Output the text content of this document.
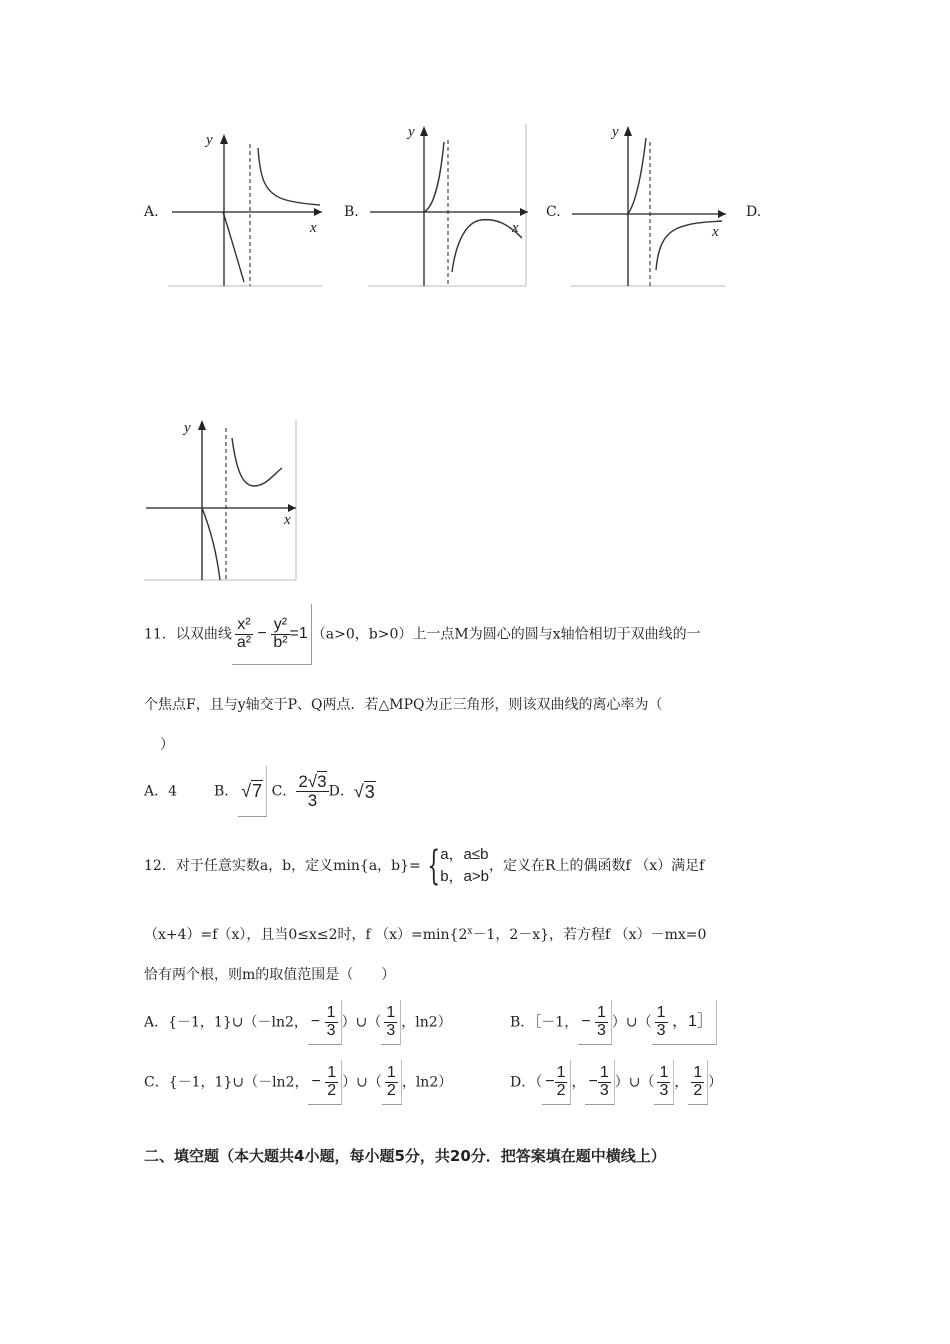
A.	B.	C.	D.
y
x
y
x
y
x
y
x
11．以双曲线 $\frac{\text{x²}}{\text{a²}} - \frac{\text{y²}}{\text{b²}} =1$ （a>0，b>0）上一点M为圆心的圆与x轴恰相切于双曲线的一
个焦点F，且与y轴交于P、Q两点．若△MPQ为正三角形，则该双曲线的离心率为（
）
A．4	B． √7 C． $\frac{2√3}{3}$ D．√3
12．对于任意实数a，b，定义min{a，b}= { a，a≤b
b，a>b
，定义在R上的偶函数f （x）满足f
（x+4）=f（x），且当0≤x≤2时，f $(x)=\min\{2^x-1$，2－x}，若方程f （x）－mx=0
恰有两个根，则m的取值范围是（　　）
A．{－1，1}∪（－ln2， − $\frac{1}{3}$ ）∪（ $\frac{1}{3}$ ，ln2）	B．［－1， − $\frac{1}{3}$ ）∪（ $\frac{1}{3}$ ，1］
C．{－1，1}∪（－ln2， − $\frac{1}{2}$ ）∪（ $\frac{1}{2}$ ，ln2）	D．（ − $\frac{1}{2}$ ， − $\frac{1}{3}$ ）∪（ $\frac{1}{3}$ ， $\frac{1}{2}$ ）
二、填空题（本大题共4小题，每小题5分，共20分．把答案填在题中横线上）
